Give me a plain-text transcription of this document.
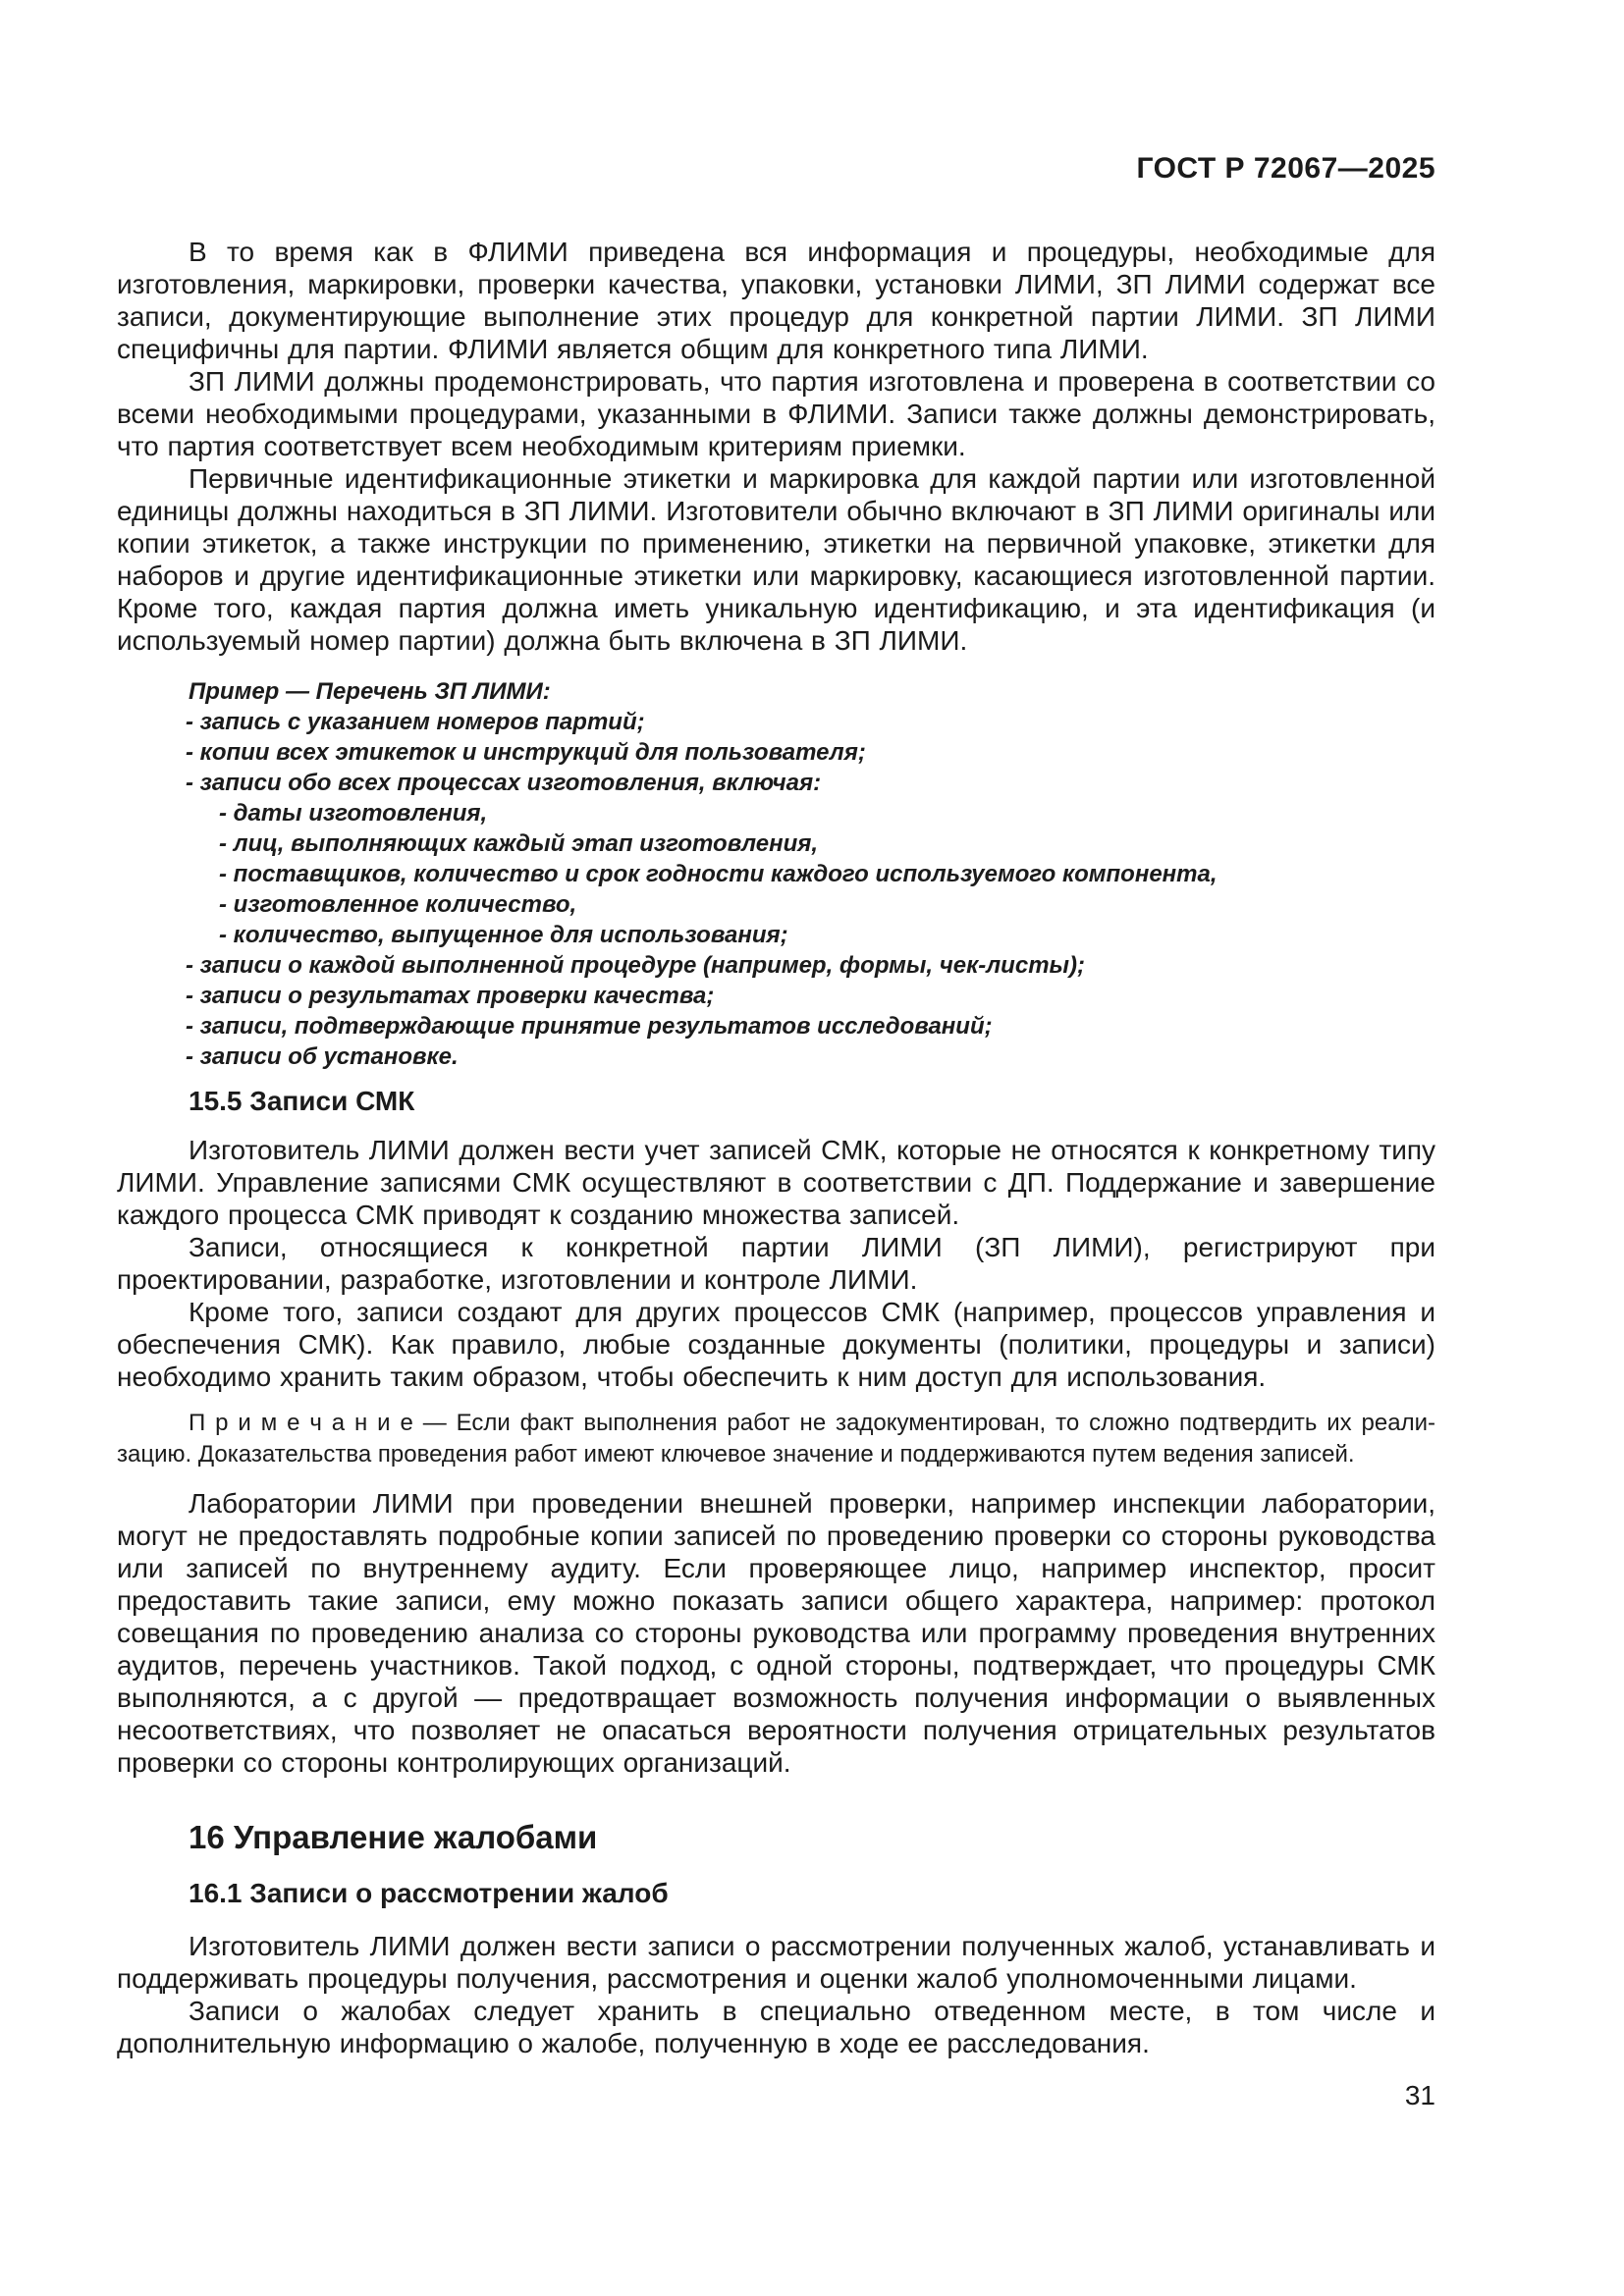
ГОСТ Р 72067—2025

В то время как в ФЛИМИ приведена вся информация и процедуры, необходимые для изготовления, маркировки, проверки качества, упаковки, установки ЛИМИ, ЗП ЛИМИ содержат все записи, документирующие выполнение этих процедур для конкретной партии ЛИМИ. ЗП ЛИМИ специфичны для партии. ФЛИМИ является общим для конкретного типа ЛИМИ.

ЗП ЛИМИ должны продемонстрировать, что партия изготовлена и проверена в соответствии со всеми необходимыми процедурами, указанными в ФЛИМИ. Записи также должны демонстрировать, что партия соответствует всем необходимым критериям приемки.

Первичные идентификационные этикетки и маркировка для каждой партии или изготовленной единицы должны находиться в ЗП ЛИМИ. Изготовители обычно включают в ЗП ЛИМИ оригиналы или копии этикеток, а также инструкции по применению, этикетки на первичной упаковке, этикетки для наборов и другие идентификационные этикетки или маркировку, касающиеся изготовленной партии. Кроме того, каждая партия должна иметь уникальную идентификацию, и эта идентификация (и используемый номер партии) должна быть включена в ЗП ЛИМИ.

Пример — Перечень ЗП ЛИМИ:
- запись с указанием номеров партий;
- копии всех этикеток и инструкций для пользователя;
- записи обо всех процессах изготовления, включая:
- даты изготовления,
- лиц, выполняющих каждый этап изготовления,
- поставщиков, количество и срок годности каждого используемого компонента,
- изготовленное количество,
- количество, выпущенное для использования;
- записи о каждой выполненной процедуре (например, формы, чек-листы);
- записи о результатах проверки качества;
- записи, подтверждающие принятие результатов исследований;
- записи об установке.
15.5 Записи СМК

Изготовитель ЛИМИ должен вести учет записей СМК, которые не относятся к конкретному типу ЛИМИ. Управление записями СМК осуществляют в соответствии с ДП. Поддержание и завершение каждого процесса СМК приводят к созданию множества записей.

Записи, относящиеся к конкретной партии ЛИМИ (ЗП ЛИМИ), регистрируют при проектировании, разработке, изготовлении и контроле ЛИМИ.

Кроме того, записи создают для других процессов СМК (например, процессов управления и обеспечения СМК). Как правило, любые созданные документы (политики, процедуры и записи) необходимо хранить таким образом, чтобы обеспечить к ним доступ для использования.

П р и м е ч а н и е — Если факт выполнения работ не задокументирован, то сложно подтвердить их реализацию. Доказательства проведения работ имеют ключевое значение и поддерживаются путем ведения записей.

Лаборатории ЛИМИ при проведении внешней проверки, например инспекции лаборатории, могут не предоставлять подробные копии записей по проведению проверки со стороны руководства или записей по внутреннему аудиту. Если проверяющее лицо, например инспектор, просит предоставить такие записи, ему можно показать записи общего характера, например: протокол совещания по проведению анализа со стороны руководства или программу проведения внутренних аудитов, перечень участников. Такой подход, с одной стороны, подтверждает, что процедуры СМК выполняются, а с другой — предотвращает возможность получения информации о выявленных несоответствиях, что позволяет не опасаться вероятности получения отрицательных результатов проверки со стороны контролирующих организаций.

16 Управление жалобами
16.1 Записи о рассмотрении жалоб

Изготовитель ЛИМИ должен вести записи о рассмотрении полученных жалоб, устанавливать и поддерживать процедуры получения, рассмотрения и оценки жалоб уполномоченными лицами.

Записи о жалобах следует хранить в специально отведенном месте, в том числе и дополнительную информацию о жалобе, полученную в ходе ее расследования.

31
